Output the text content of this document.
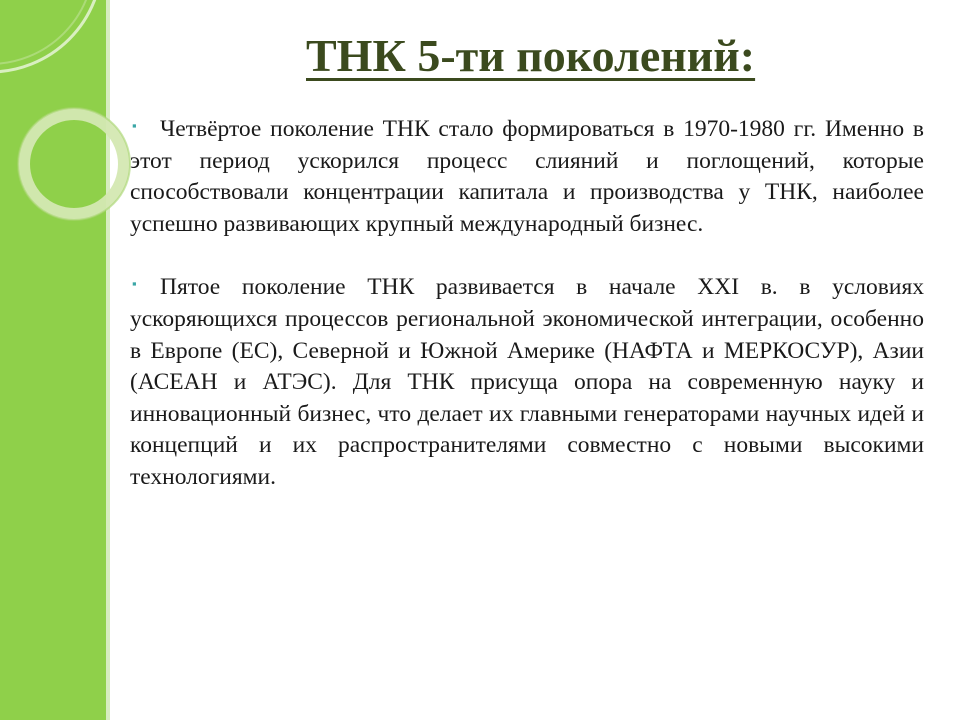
ТНК 5-ти поколений:

▪ Четвёртое поколение ТНК стало формироваться в 1970-1980 гг. Именно в этот период ускорился процесс слияний и поглощений, которые способствовали концентрации капитала и производства у ТНК, наиболее успешно развивающих крупный международный бизнес.

▪ Пятое поколение ТНК развивается в начале XXI в. в условиях ускоряющихся процессов региональной экономической интеграции, особенно в Европе (ЕС), Северной и Южной Америке (НАФТА и МЕРКОСУР), Азии (АСЕАН и АТЭС). Для ТНК присуща опора на современную науку и инновационный бизнес, что делает их главными генераторами научных идей и концепций и их распространителями совместно с новыми высокими технологиями.
